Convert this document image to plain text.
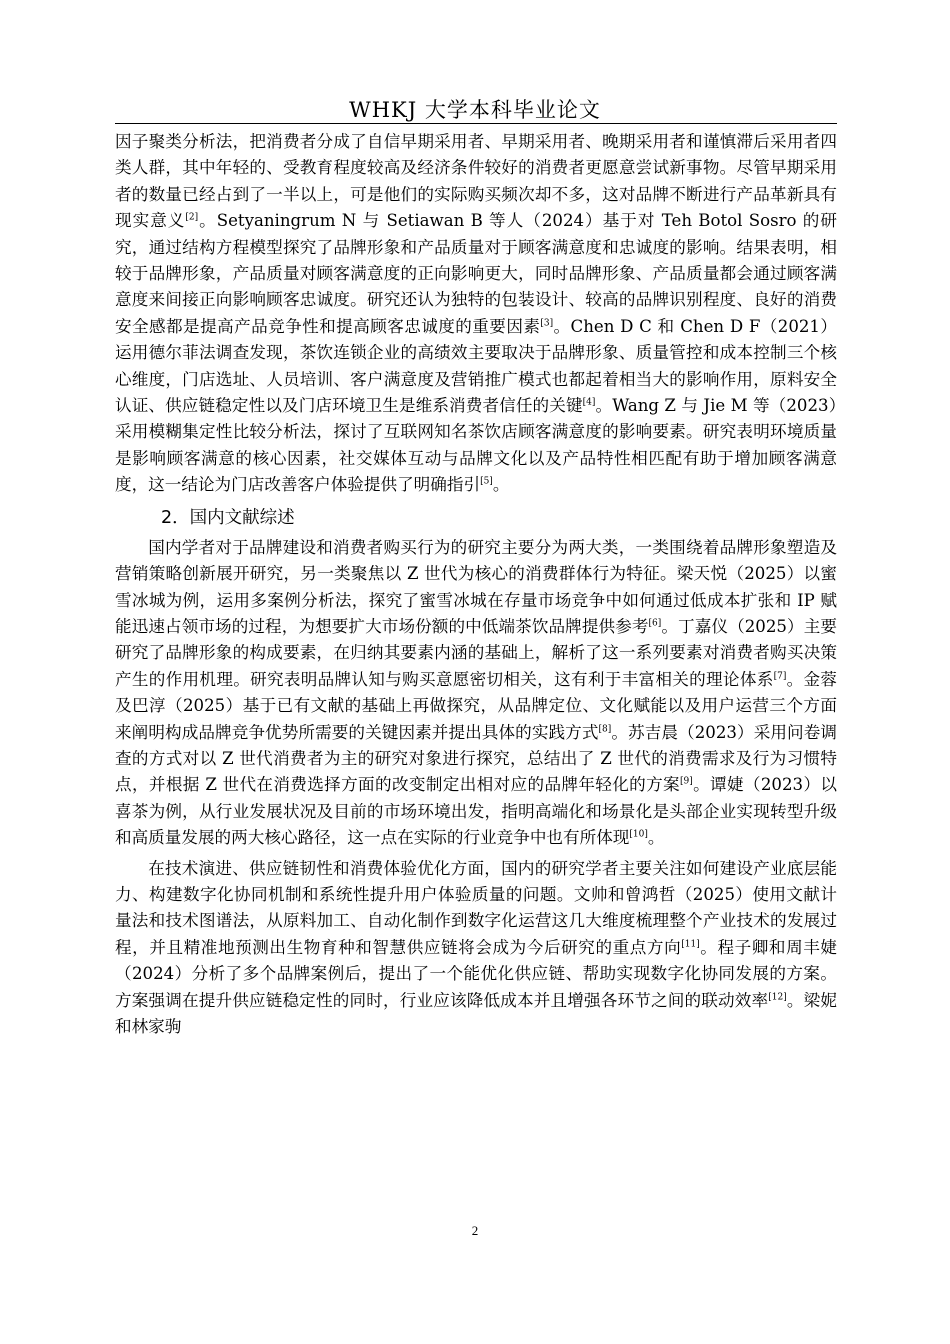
WHKJ 大学本科毕业论文

因子聚类分析法，把消费者分成了自信早期采用者、早期采用者、晚期采用者和谨慎滞后采用者四类人群，其中年轻的、受教育程度较高及经济条件较好的消费者更愿意尝试新事物。尽管早期采用者的数量已经占到了一半以上，可是他们的实际购买频次却不多，这对品牌不断进行产品革新具有现实意义[2]。Setyaningrum N 与 Setiawan B 等人（2024）基于对 Teh Botol Sosro 的研究，通过结构方程模型探究了品牌形象和产品质量对于顾客满意度和忠诚度的影响。结果表明，相较于品牌形象，产品质量对顾客满意度的正向影响更大，同时品牌形象、产品质量都会通过顾客满意度来间接正向影响顾客忠诚度。研究还认为独特的包装设计、较高的品牌识别程度、良好的消费安全感都是提高产品竞争性和提高顾客忠诚度的重要因素[3]。Chen D C 和 Chen D F（2021）运用德尔菲法调查发现，茶饮连锁企业的高绩效主要取决于品牌形象、质量管控和成本控制三个核心维度，门店选址、人员培训、客户满意度及营销推广模式也都起着相当大的影响作用，原料安全认证、供应链稳定性以及门店环境卫生是维系消费者信任的关键[4]。Wang Z 与 Jie M 等（2023）采用模糊集定性比较分析法，探讨了互联网知名茶饮店顾客满意度的影响要素。研究表明环境质量是影响顾客满意的核心因素，社交媒体互动与品牌文化以及产品特性相匹配有助于增加顾客满意度，这一结论为门店改善客户体验提供了明确指引[5]。

2．国内文献综述

国内学者对于品牌建设和消费者购买行为的研究主要分为两大类，一类围绕着品牌形象塑造及营销策略创新展开研究，另一类聚焦以 Z 世代为核心的消费群体行为特征。梁天悦（2025）以蜜雪冰城为例，运用多案例分析法，探究了蜜雪冰城在存量市场竞争中如何通过低成本扩张和 IP 赋能迅速占领市场的过程，为想要扩大市场份额的中低端茶饮品牌提供参考[6]。丁嘉仪（2025）主要研究了品牌形象的构成要素，在归纳其要素内涵的基础上，解析了这一系列要素对消费者购买决策产生的作用机理。研究表明品牌认知与购买意愿密切相关，这有利于丰富相关的理论体系[7]。金蓉及巴淳（2025）基于已有文献的基础上再做探究，从品牌定位、文化赋能以及用户运营三个方面来阐明构成品牌竞争优势所需要的关键因素并提出具体的实践方式[8]。苏吉晨（2023）采用问卷调查的方式对以 Z 世代消费者为主的研究对象进行探究，总结出了 Z 世代的消费需求及行为习惯特点，并根据 Z 世代在消费选择方面的改变制定出相对应的品牌年轻化的方案[9]。谭婕（2023）以喜茶为例，从行业发展状况及目前的市场环境出发，指明高端化和场景化是头部企业实现转型升级和高质量发展的两大核心路径，这一点在实际的行业竞争中也有所体现[10]。

在技术演进、供应链韧性和消费体验优化方面，国内的研究学者主要关注如何建设产业底层能力、构建数字化协同机制和系统性提升用户体验质量的问题。文帅和曾鸿哲（2025）使用文献计量法和技术图谱法，从原料加工、自动化制作到数字化运营这几大维度梳理整个产业技术的发展过程，并且精准地预测出生物育种和智慧供应链将会成为今后研究的重点方向[11]。程子卿和周丰婕（2024）分析了多个品牌案例后，提出了一个能优化供应链、帮助实现数字化协同发展的方案。方案强调在提升供应链稳定性的同时，行业应该降低成本并且增强各环节之间的联动效率[12]。梁妮和林家驹

2
